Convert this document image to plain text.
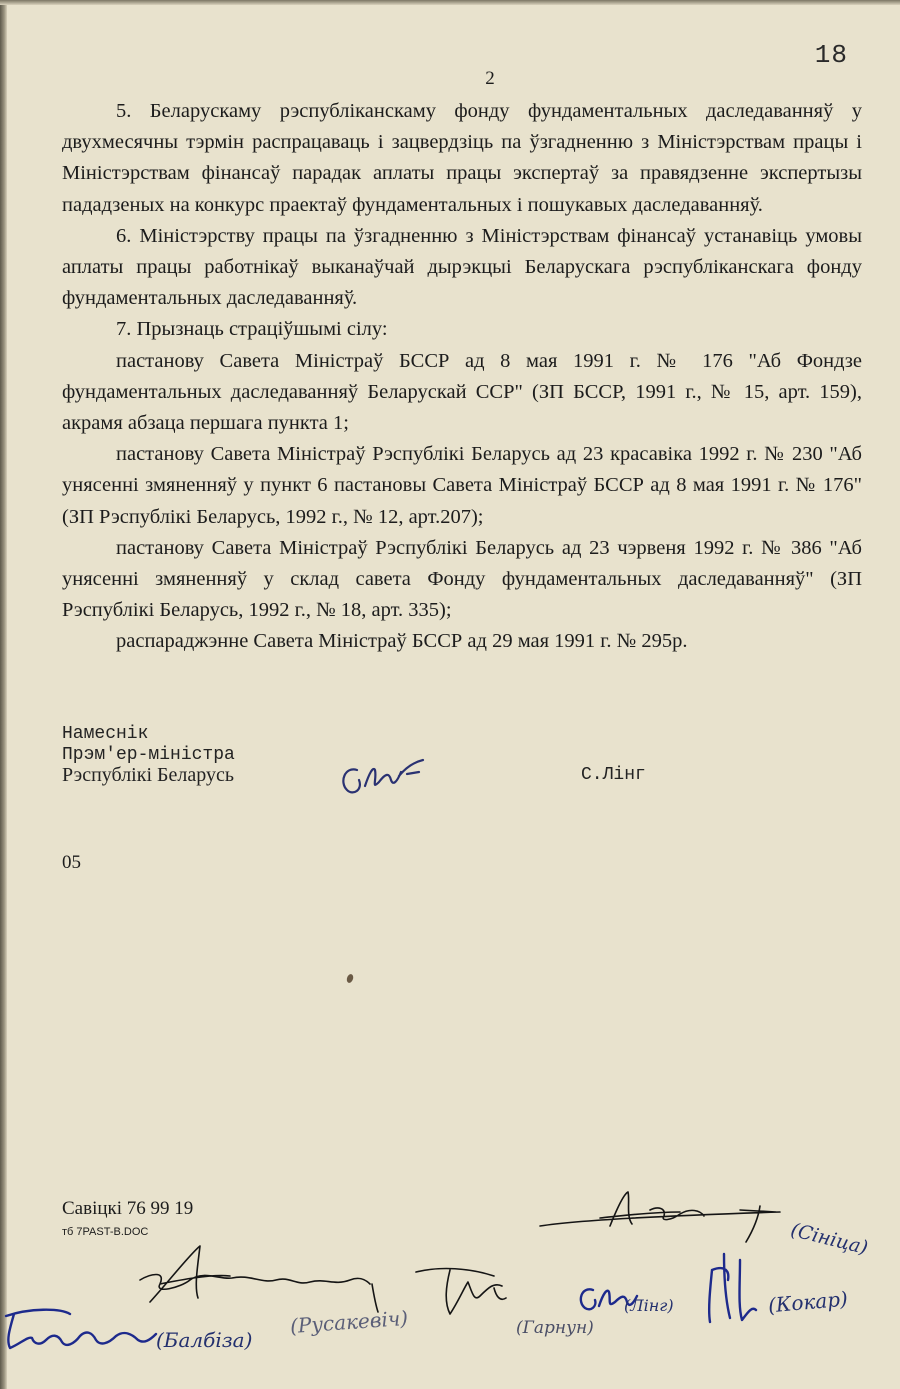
18
2

5. Беларускаму рэспубліканскаму фонду фундаментальных даследаванняў у двухмесячны тэрмін распрацаваць і зацвердзіць па ўзгадненню з Міністэрствам працы і Міністэрствам фінансаў парадак аплаты працы экспертаў за правядзенне экспертызы пададзеных на конкурс праектаў фундаментальных і пошукавых даследаванняў.

6. Міністэрству працы па ўзгадненню з Міністэрствам фінансаў устанавіць умовы аплаты працы работнікаў выканаўчай дырэкцыі Беларускага рэспубліканскага фонду фундаментальных даследаванняў.

7. Прызнаць страціўшымі сілу:

пастанову Савета Міністраў БССР ад 8 мая 1991 г. № 176 "Аб Фондзе фундаментальных даследаванняў Беларускай ССР" (ЗП БССР, 1991 г., № 15, арт. 159), акрамя абзаца першага пункта 1;

пастанову Савета Міністраў Рэспублікі Беларусь ад 23 красавіка 1992 г. № 230 "Аб унясенні змяненняў у пункт 6 пастановы Савета Міністраў БССР ад 8 мая 1991 г. № 176" (ЗП Рэспублікі Беларусь, 1992 г., № 12, арт.207);

пастанову Савета Міністраў Рэспублікі Беларусь ад 23 чэрвеня 1992 г. № 386 "Аб унясенні змяненняў у склад савета Фонду фундаментальных даследаванняў" (ЗП Рэспублікі Беларусь, 1992 г., № 18, арт. 335);

распараджэнне Савета Міністраў БССР ад 29 мая 1991 г. № 295р.

Намеснік
Прэм'ер-міністра
Рэспублікі Беларусь	С.Лінг
05
Савіцкі 76 99 19
тб 7PAST-B.DOC	(Сініца)
(Русакевіч)	(Гарнун)
(Лінг)	(Кокар)
(Балбіза)
